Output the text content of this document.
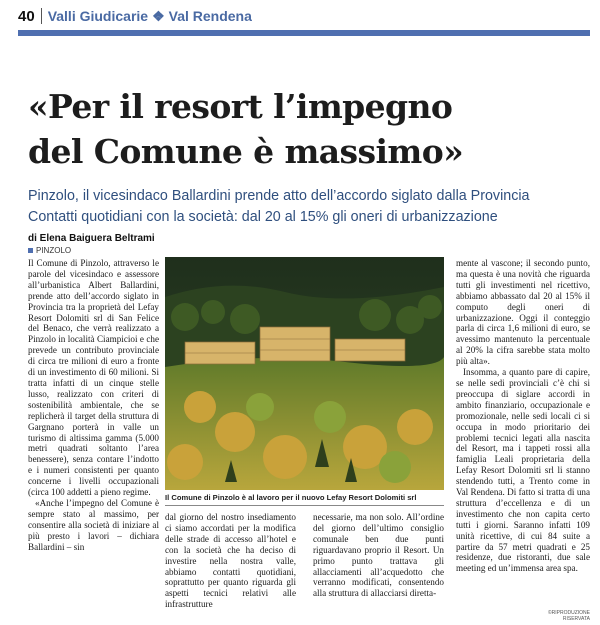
40 Valli Giudicarie ❖ Val Rendena
«Per il resort l’impegno
del Comune è massimo»
Pinzolo, il vicesindaco Ballardini prende atto dell’accordo siglato dalla Provincia
Contatti quotidiani con la società: dal 20 al 15% gli oneri di urbanizzazione
di Elena Baiguera Beltrami
PINZOLO

Il Comune di Pinzolo, attraverso le parole del vicesindaco e assessore all’urbanistica Albert Ballardini, prende atto dell’accordo siglato in Provincia tra la proprietà del Lefay Resort Dolomiti srl di San Felice del Benaco, che verrà realizzato a Pinzolo in località Ciampicioi e che prevede un contributo provinciale di circa tre milioni di euro a fronte di un investimento di 60 milioni. Si tratta infatti di un cinque stelle lusso, realizzato con criteri di sostenibilità ambientale, che se replicherà il target della struttura di Gargnano porterà in valle un turismo di altissima gamma (5.000 metri quadrati soltanto l’area benessere), senza contare l’indotto e i numeri consistenti per quanto concerne i livelli occupazionali (circa 100 addetti a pieno regime.

«Anche l’impegno del Comune è sempre stato al massimo, per consentire alla società di iniziare al più presto i lavori – dichiara Ballardini – sin

Il Comune di Pinzolo è al lavoro per il nuovo Lefay Resort Dolomiti srl

dal giorno del nostro insediamento ci siamo accordati per la modifica delle strade di accesso all’hotel e con la società che ha deciso di investire nella nostra valle, abbiamo contatti quotidiani, soprattutto per quanto riguarda gli aspetti tecnici relativi alle infrastrutture

necessarie, ma non solo. All’ordine del giorno dell’ultimo consiglio comunale ben due punti riguardavano proprio il Resort. Un primo punto trattava gli allacciamenti all’acquedotto che verranno modificati, consentendo alla struttura di allacciarsi diretta-

mente al vascone; il secondo punto, ma questa è una novità che riguarda tutti gli investimenti nel ricettivo, abbiamo abbassato dal 20 al 15% il computo degli oneri di urbanizzazione. Oggi il conteggio parla di circa 1,6 milioni di euro, se avessimo mantenuto la percentuale al 20% la cifra sarebbe stata molto più alta».

Insomma, a quanto pare di capire, se nelle sedi provinciali c’è chi si preoccupa di siglare accordi in ambito finanziario, occupazionale e promozionale, nelle sedi locali ci si occupa in modo prioritario dei problemi tecnici legati alla nascita del Resort, ma i tappeti rossi alla famiglia Leali proprietaria della Lefay Resort Dolomiti srl li stanno stendendo tutti, a Trento come in Val Rendena. Di fatto si tratta di una struttura d’eccellenza e di un investimento che non capita certo tutti i giorni. Saranno infatti 109 unità ricettive, di cui 84 suite a partire da 57 metri quadrati e 25 residenze, due ristoranti, due sale meeting ed un’immensa area spa.

©RIPRODUZIONE RISERVATA
